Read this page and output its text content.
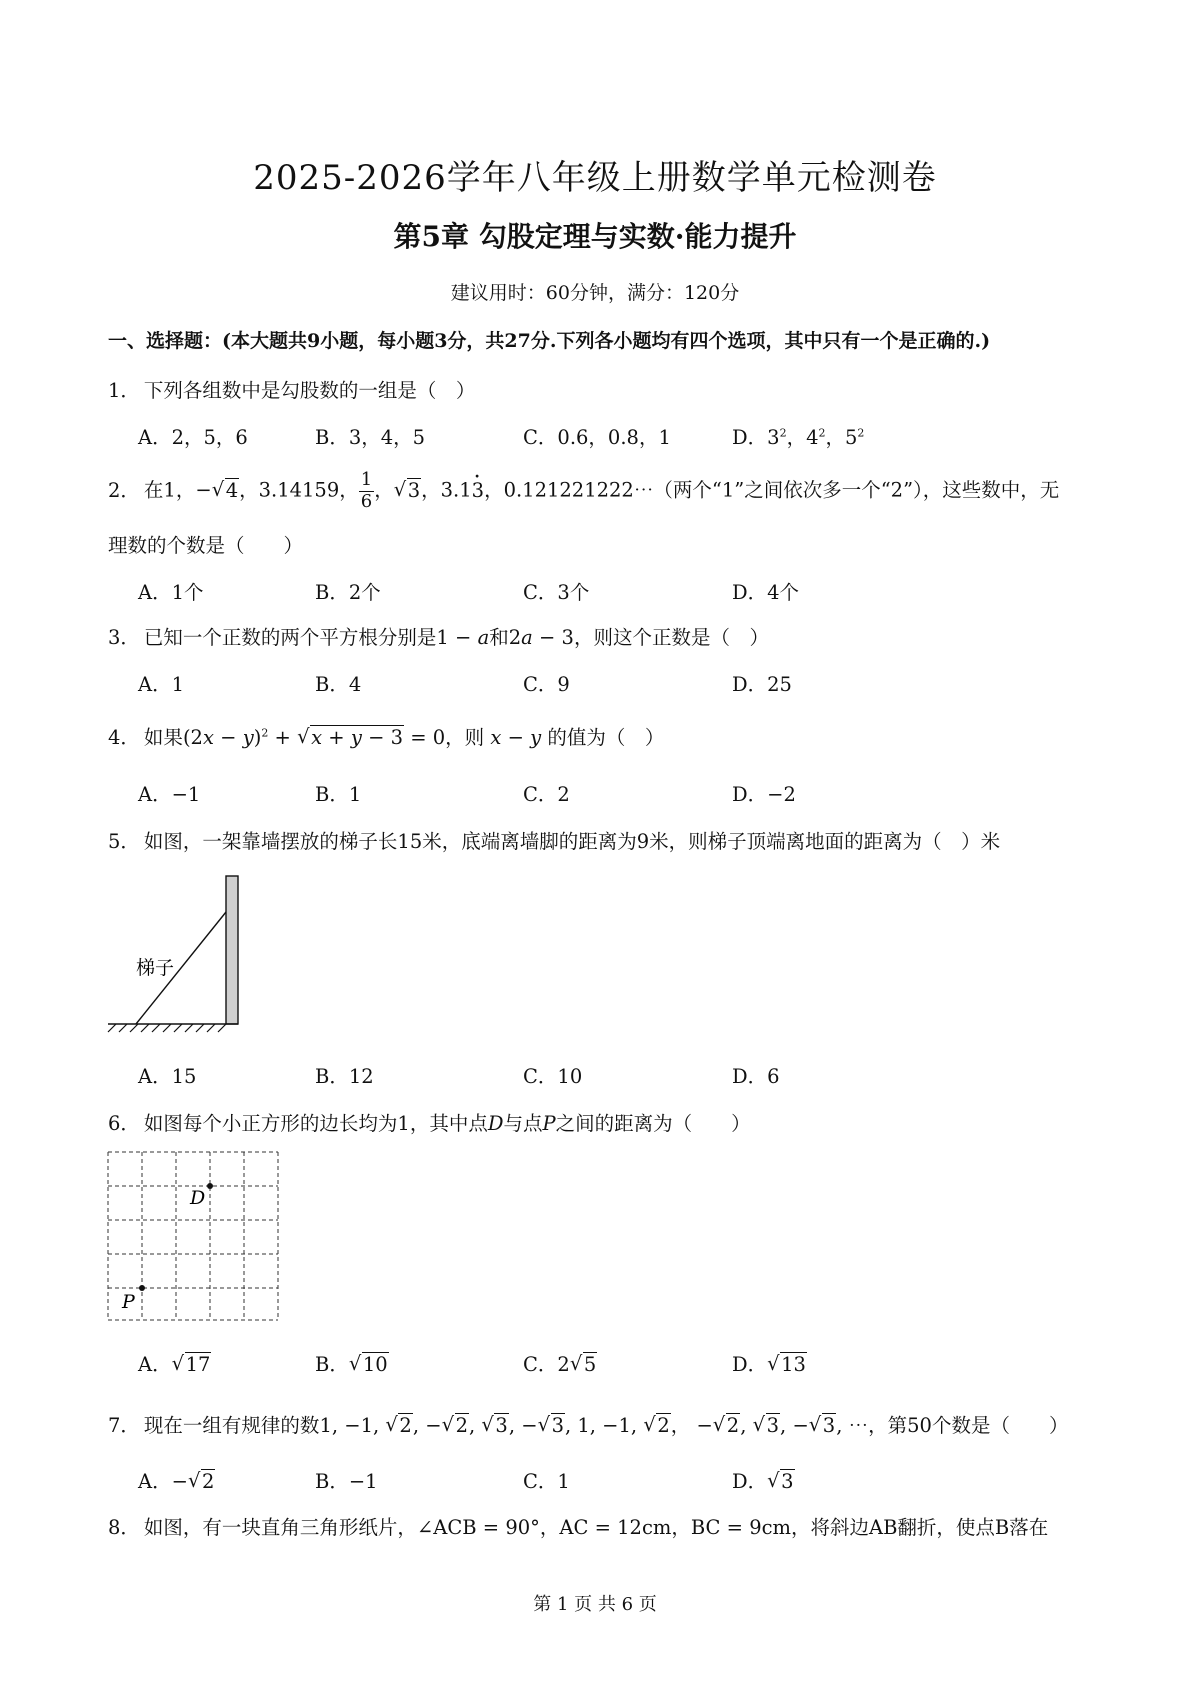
2025-2026学年八年级上册数学单元检测卷
第5章 勾股定理与实数·能力提升
建议用时：60分钟，满分：120分
一、选择题：(本大题共9小题，每小题3分，共27分.下列各小题均有四个选项，其中只有一个是正确的.)
1． 下列各组数中是勾股数的一组是（　）
A．2，5，6	B．3，4，5	C．0.6，0.8，1	D．$3^2$，$4^2$，$5^2$
2． 在1，− √ 4，3.14159， $\frac{1}{6}$ ， √ 3，3.13 ·，0.121221222⋯（两个“1”之间依次多一个“2”），这些数中，无
理数的个数是（　　）
A．1个	B．2个	C．3个	D．4个
3． 已知一个正数的两个平方根分别是1 − a和2a − 3，则这个正数是（　）
A．1	B．4	C．9	D．25
4． 如果$(2x - y)^2$ + √ x + y − 3 = 0，则 x − y 的值为（　）
A．−1	B．1	C．2	D．−2
5． 如图，一架靠墙摆放的梯子长15米，底端离墙脚的距离为9米，则梯子顶端离地面的距离为（　）米
梯子
A．15	B．12	C．10	D．6
6． 如图每个小正方形的边长均为1，其中点D与点P之间的距离为（　　）
D
P
A． √ 17	B． √ 10	C．2 √ 5	D． √ 13
7． 现在一组有规律的数1, −1, √ 2, − √ 2, √ 3, − √ 3, 1, −1, √ 2， − √ 2, √ 3, − √ 3, ⋯，第50个数是（　　）
A．− √ 2	B．−1	C．1	D． √ 3
8． 如图，有一块直角三角形纸片，∠ACB = 90°，AC = 12cm，BC = 9cm，将斜边AB翻折，使点B落在
第 1 页 共 6 页
